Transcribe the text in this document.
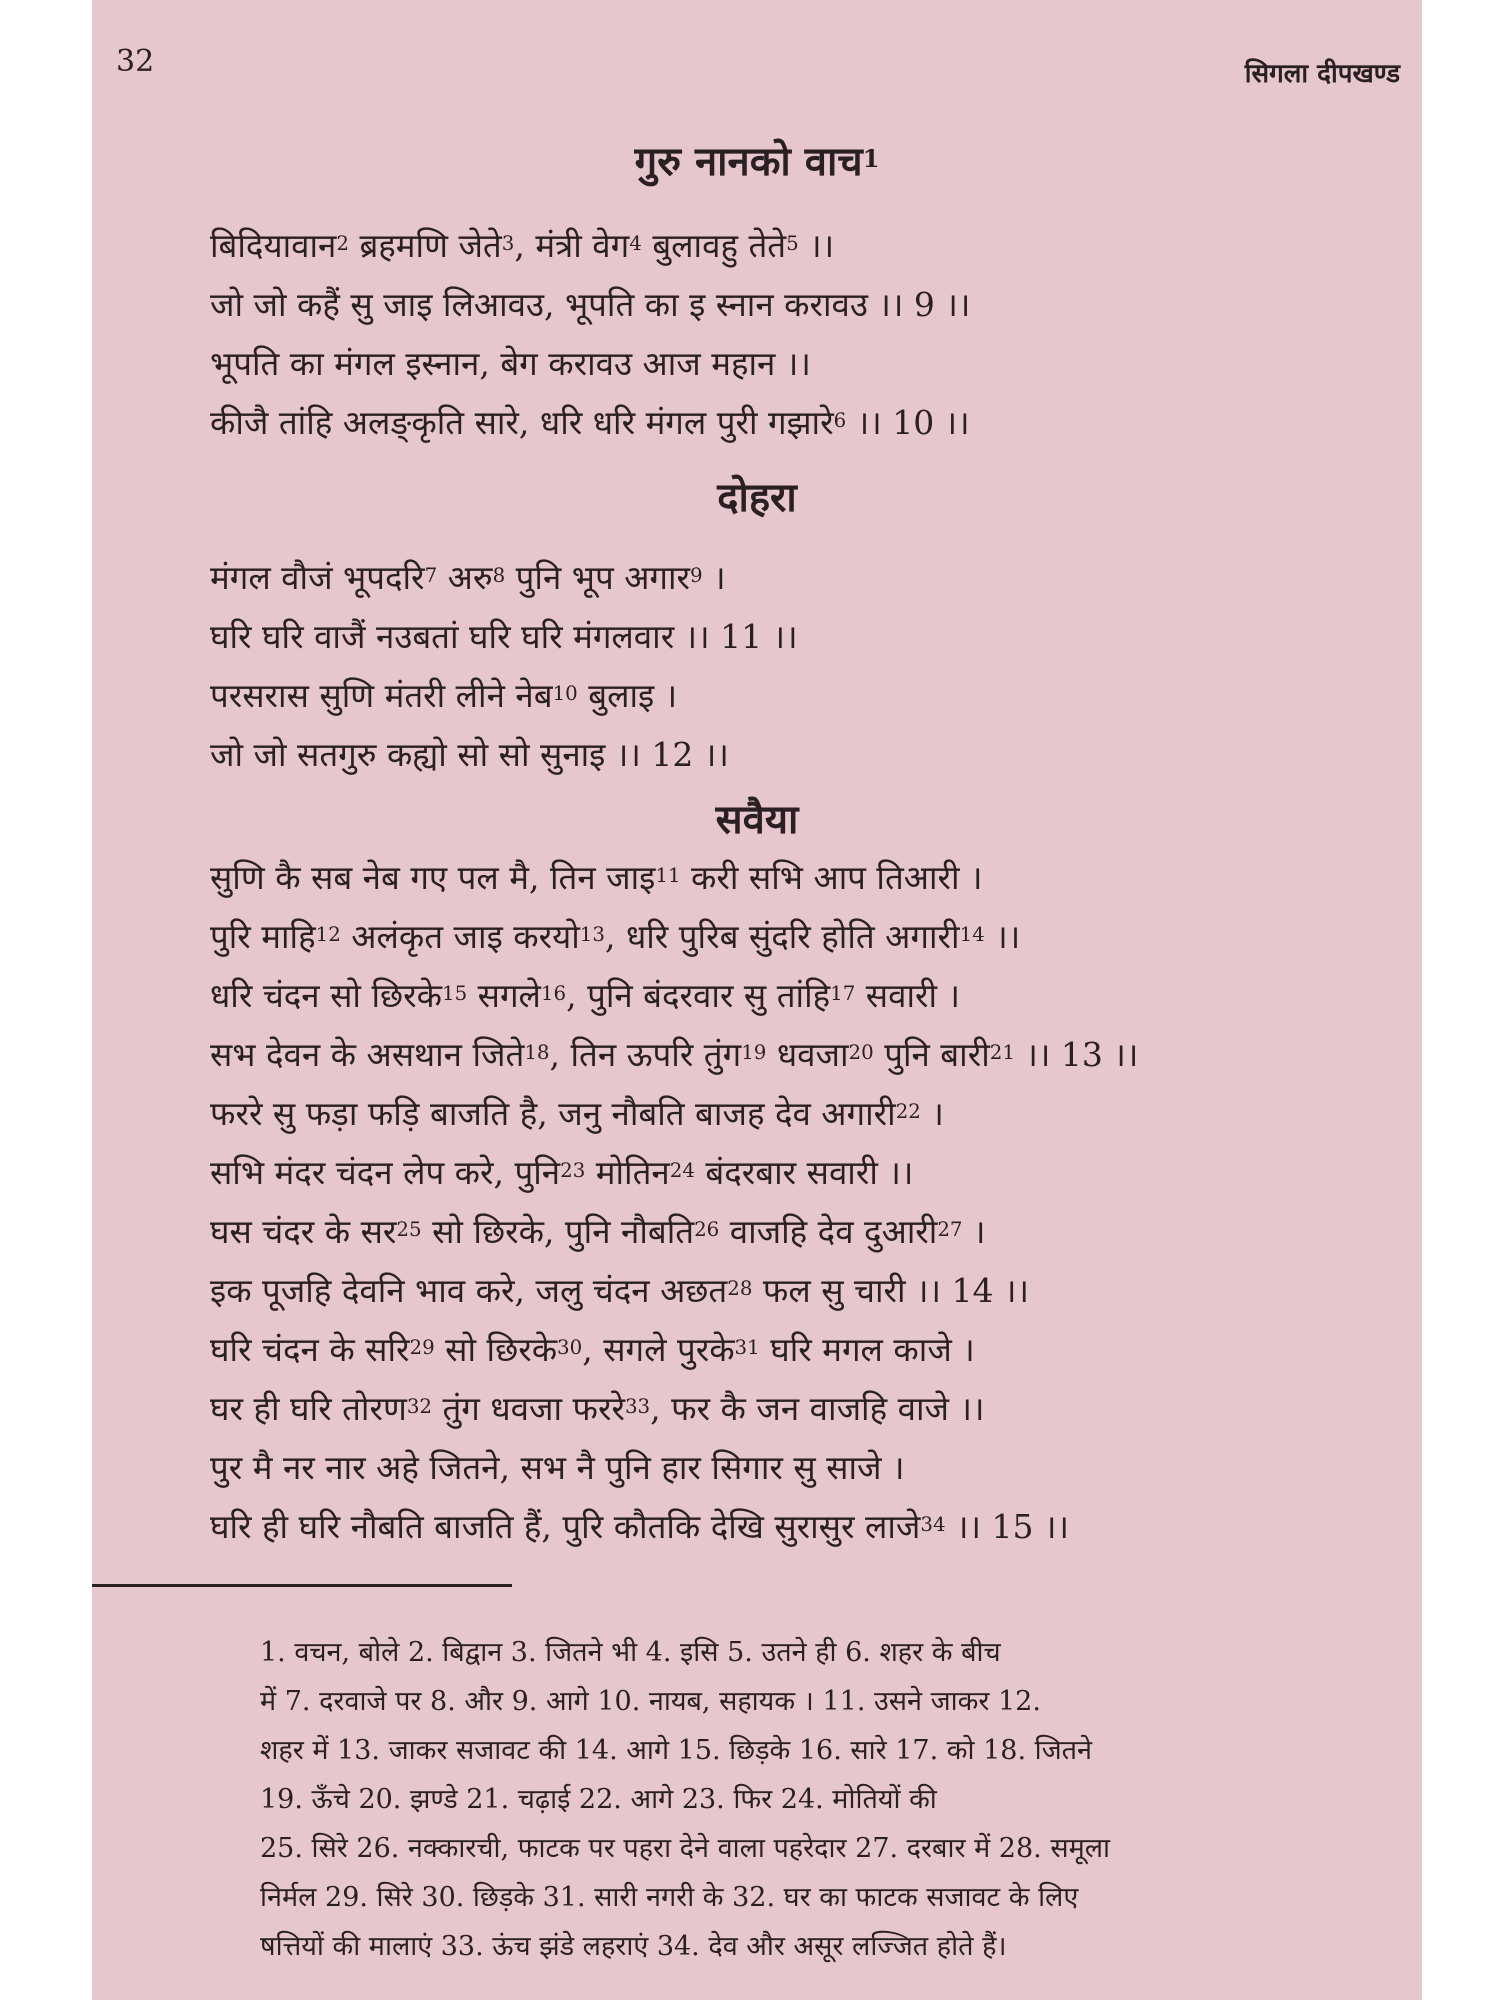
32	सिगला दीपखण्ड
गुरु नानको वाच$^1$
बिदियावान$^2$ ब्रहमणि जेते$^3$, मंत्री वेग$^4$ बुलावहु तेते$^5$ ।।
जो जो कहैं सु जाइ लिआवउ, भूपति का इ स्नान करावउ ।। 9 ।।
भूपति का मंगल इस्नान, बेग करावउ आज महान ।।
कीजै तांहि अलङ्कृति सारे, धरि धरि मंगल पुरी गझारे$^6$ ।। 10 ।।
दोहरा
मंगल वौजं भूपदरि$^7$ अरु$^8$ पुनि भूप अगार$^9$ ।
घरि घरि वाजैं नउबतां घरि घरि मंगलवार ।। 11 ।।
परसरास सुणि मंतरी लीने नेब$^{10}$ बुलाइ ।
जो जो सतगुरु कह्यो सो सो सुनाइ ।। 12 ।।
सवैया
सुणि कै सब नेब गए पल मै, तिन जाइ$^{11}$ करी सभि आप तिआरी ।
पुरि माहि$^{12}$ अलंकृत जाइ करयो$^{13}$, धरि पुरिब सुंदरि होति अगारी$^{14}$ ।।
धरि चंदन सो छिरके$^{15}$ सगले$^{16}$, पुनि बंदरवार सु तांहि$^{17}$ सवारी ।
सभ देवन के असथान जिते$^{18}$, तिन ऊपरि तुंग$^{19}$ धवजा$^{20}$ पुनि बारी$^{21}$ ।। 13 ।।
फररे सु फड़ा फड़ि बाजति है, जनु नौबति बाजह देव अगारी$^{22}$ ।
सभि मंदर चंदन लेप करे, पुनि$^{23}$ मोतिन$^{24}$ बंदरबार सवारी ।।
घस चंदर के सर$^{25}$ सो छिरके, पुनि नौबति$^{26}$ वाजहि देव दुआरी$^{27}$ ।
इक पूजहि देवनि भाव करे, जलु चंदन अछत$^{28}$ फल सु चारी ।। 14 ।।
घरि चंदन के सरि$^{29}$ सो छिरके$^{30}$, सगले पुरके$^{31}$ घरि मगल काजे ।
घर ही घरि तोरण$^{32}$ तुंग धवजा फररे$^{33}$, फर कै जन वाजहि वाजे ।।
पुर मै नर नार अहे जितने, सभ नै पुनि हार सिगार सु साजे ।
घरि ही घरि नौबति बाजति हैं, पुरि कौतकि देखि सुरासुर लाजे$^{34}$ ।। 15 ।।
1. वचन, बोले 2. बिद्वान 3. जितने भी 4. इसि 5. उतने ही 6. शहर के बीच
में 7. दरवाजे पर 8. और 9. आगे 10. नायब, सहायक । 11. उसने जाकर 12.
शहर में 13. जाकर सजावट की 14. आगे 15. छिड़के 16. सारे 17. को 18. जितने
19. ऊँचे 20. झण्डे 21. चढ़ाई 22. आगे 23. फिर 24. मोतियों की
25. सिरे 26. नक्कारची, फाटक पर पहरा देने वाला पहरेदार 27. दरबार में 28. समूला
निर्मल 29. सिरे 30. छिड़के 31. सारी नगरी के 32. घर का फाटक सजावट के लिए
षत्तियों की मालाएं 33. ऊंच झंडे लहराएं 34. देव और असूर लज्जित होते हैं।
